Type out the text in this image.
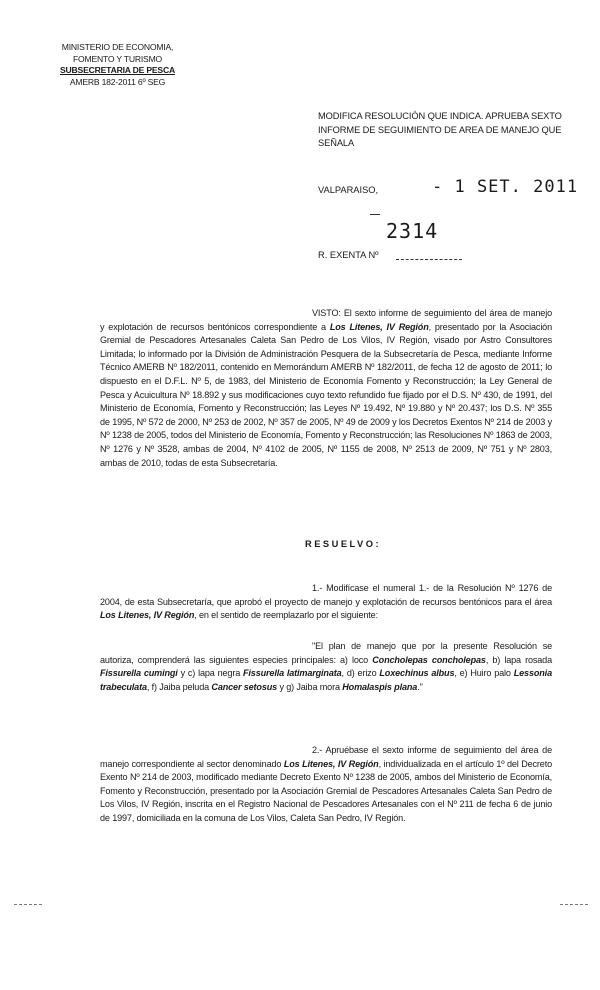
MINISTERIO DE ECONOMIA,
FOMENTO Y TURISMO
SUBSECRETARIA DE PESCA
AMERB 182-2011 6º SEG
MODIFICA RESOLUCIÓN QUE INDICA. APRUEBA SEXTO INFORME DE SEGUIMIENTO DE AREA DE MANEJO QUE SEÑALA
VALPARAISO,	- 1 SET. 2011
2314
R. EXENTA Nº

VISTO: El sexto informe de seguimiento del área de manejo y explotación de recursos bentónicos correspondiente a Los Litenes, IV Región, presentado por la Asociación Gremial de Pescadores Artesanales Caleta San Pedro de Los Vilos, IV Región, visado por Astro Consultores Limitada; lo informado por la División de Administración Pesquera de la Subsecretaría de Pesca, mediante Informe Técnico AMERB Nº 182/2011, contenido en Memorándum AMERB Nº 182/2011, de fecha 12 de agosto de 2011; lo dispuesto en el D.F.L. Nº 5, de 1983, del Ministerio de Economía Fomento y Reconstrucción; la Ley General de Pesca y Acuicultura Nº 18.892 y sus modificaciones cuyo texto refundido fue fijado por el D.S. Nº 430, de 1991, del Ministerio de Economía, Fomento y Reconstrucción; las Leyes Nº 19.492, Nº 19.880 y Nº 20.437; los D.S. Nº 355 de 1995, Nº 572 de 2000, Nº 253 de 2002, Nº 357 de 2005, Nº 49 de 2009 y los Decretos Exentos Nº 214 de 2003 y Nº 1238 de 2005, todos del Ministerio de Economía, Fomento y Reconstrucción; las Resoluciones Nº 1863 de 2003, Nº 1276 y Nº 3528, ambas de 2004, Nº 4102 de 2005, Nº 1155 de 2008, Nº 2513 de 2009, Nº 751 y Nº 2803, ambas de 2010, todas de esta Subsecretaría.

RESUELVO:

1.- Modifícase el numeral 1.- de la Resolución Nº 1276 de 2004, de esta Subsecretaría, que aprobó el proyecto de manejo y explotación de recursos bentónicos para el área Los Litenes, IV Región, en el sentido de reemplazarlo por el siguiente:

"El plan de manejo que por la presente Resolución se autoriza, comprenderá las siguientes especies principales: a) loco Concholepas concholepas, b) lapa rosada Fissurella cumingi y c) lapa negra Fissurella latimarginata, d) erizo Loxechinus albus, e) Huiro palo Lessonia trabeculata, f) Jaiba peluda Cancer setosus y g) Jaiba mora Homalaspis plana."

2.- Apruébase el sexto informe de seguimiento del área de manejo correspondiente al sector denominado Los Litenes, IV Región, individualizada en el artículo 1º del Decreto Exento Nº 214 de 2003, modificado mediante Decreto Exento Nº 1238 de 2005, ambos del Ministerio de Economía, Fomento y Reconstrucción, presentado por la Asociación Gremial de Pescadores Artesanales Caleta San Pedro de Los Vilos, IV Región, inscrita en el Registro Nacional de Pescadores Artesanales con el Nº 211 de fecha 6 de junio de 1997, domiciliada en la comuna de Los Vilos, Caleta San Pedro, IV Región.
